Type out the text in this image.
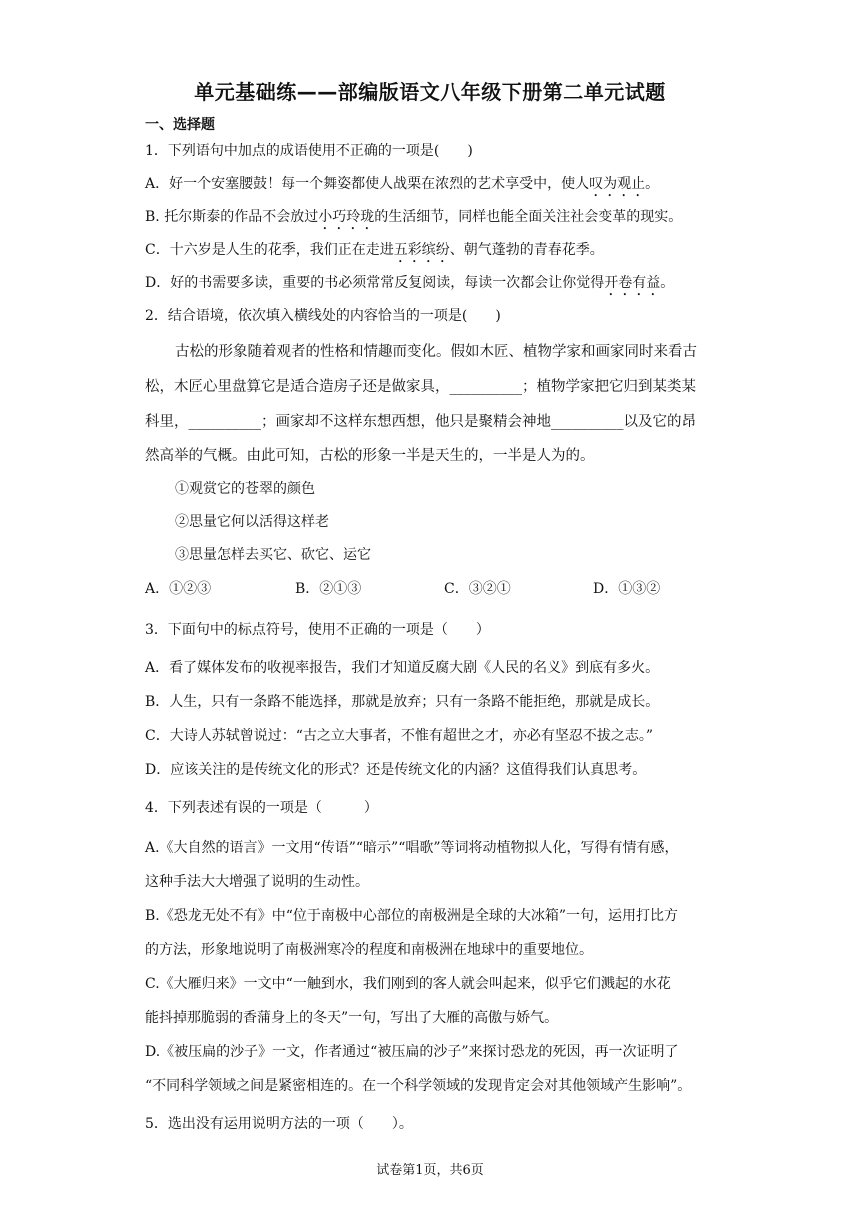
单元基础练——部编版语文八年级下册第二单元试题
一、选择题
1．下列语句中加点的成语使用不正确的一项是(　　)
A．好一个安塞腰鼓！每一个舞姿都使人战栗在浓烈的艺术享受中，使人叹为观止。
B. 托尔斯泰的作品不会放过小巧玲珑的生活细节，同样也能全面关注社会变革的现实。
C．十六岁是人生的花季，我们正在走进五彩缤纷、朝气蓬勃的青春花季。
D．好的书需要多读，重要的书必须常常反复阅读，每读一次都会让你觉得开卷有益。
2．结合语境，依次填入横线处的内容恰当的一项是(　　)
古松的形象随着观者的性格和情趣而变化。假如木匠、植物学家和画家同时来看古
松，木匠心里盘算它是适合造房子还是做家具，__________；植物学家把它归到某类某
科里，__________；画家却不这样东想西想，他只是聚精会神地__________以及它的昂
然高举的气概。由此可知，古松的形象一半是天生的，一半是人为的。
①观赏它的苍翠的颜色
②思量它何以活得这样老
③思量怎样去买它、砍它、运它
A．①②③	B．②①③	C．③②①	D．①③②
3．下面句中的标点符号，使用不正确的一项是（　　）
A．看了媒体发布的收视率报告，我们才知道反腐大剧《人民的名义》到底有多火。
B．人生，只有一条路不能选择，那就是放弃；只有一条路不能拒绝，那就是成长。
C．大诗人苏轼曾说过：“古之立大事者，不惟有超世之才，亦必有坚忍不拔之志。”
D．应该关注的是传统文化的形式？还是传统文化的内涵？这值得我们认真思考。
4．下列表述有误的一项是（　　　）
A.《大自然的语言》一文用“传语”“暗示”“唱歌”等词将动植物拟人化，写得有情有感，
这种手法大大增强了说明的生动性。
B.《恐龙无处不有》中“位于南极中心部位的南极洲是全球的大冰箱”一句，运用打比方
的方法，形象地说明了南极洲寒冷的程度和南极洲在地球中的重要地位。
C.《大雁归来》一文中“一触到水，我们刚到的客人就会叫起来，似乎它们溅起的水花
能抖掉那脆弱的香蒲身上的冬天”一句，写出了大雁的高傲与娇气。
D.《被压扁的沙子》一文，作者通过“被压扁的沙子”来探讨恐龙的死因，再一次证明了
“不同科学领域之间是紧密相连的。在一个科学领域的发现肯定会对其他领域产生影响”。
5．选出没有运用说明方法的一项（　　）。
试卷第1页，共6页
